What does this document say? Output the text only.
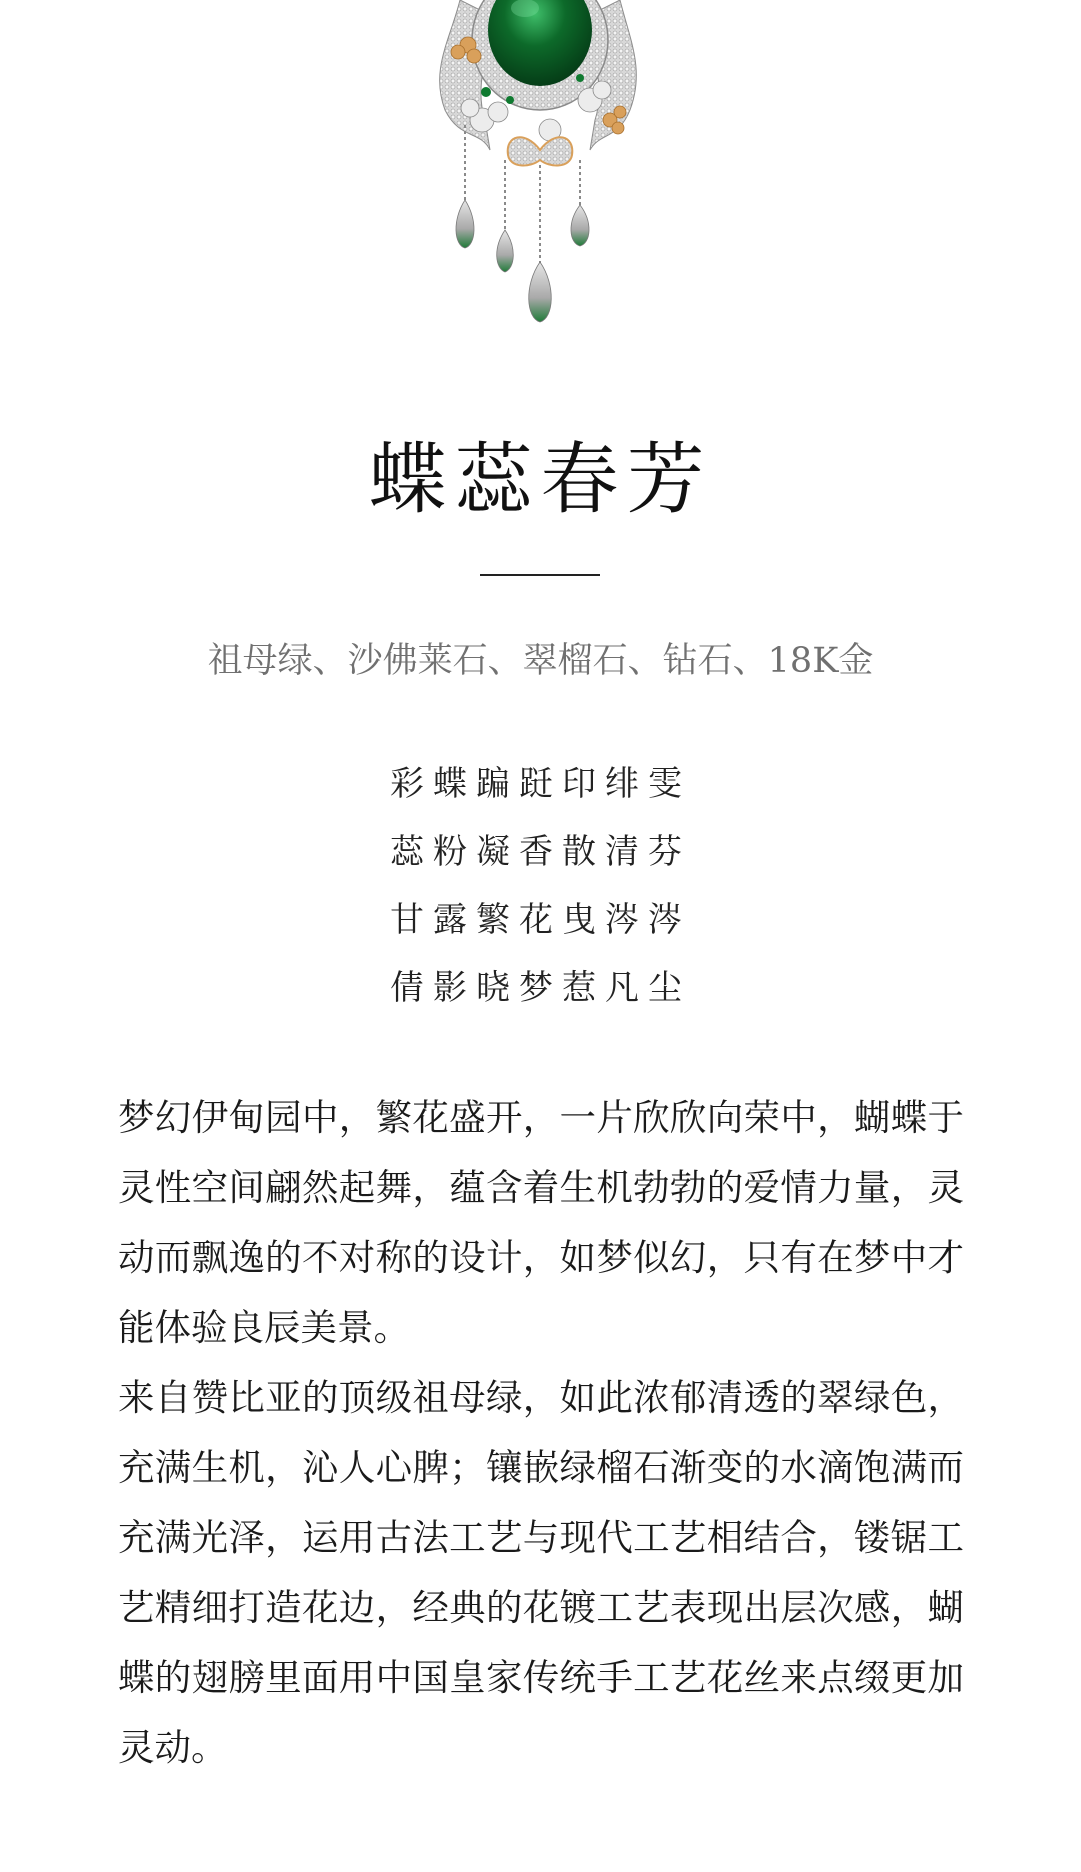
蝶蕊春芳
祖母绿、沙佛莱石、翠榴石、钻石、18K金
彩蝶蹁跹印绯雯
蕊粉凝香散清芬
甘露繁花曳涔涔
倩影晓梦惹凡尘

梦幻伊甸园中，繁花盛开，一片欣欣向荣中，蝴蝶于灵性空间翩然起舞，蕴含着生机勃勃的爱情力量，灵动而飘逸的不对称的设计，如梦似幻，只有在梦中才能体验良辰美景。

来自赞比亚的顶级祖母绿，如此浓郁清透的翠绿色，充满生机，沁人心脾；镶嵌绿榴石渐变的水滴饱满而充满光泽，运用古法工艺与现代工艺相结合，镂锯工艺精细打造花边，经典的花镀工艺表现出层次感，蝴蝶的翅膀里面用中国皇家传统手工艺花丝来点缀更加灵动。
